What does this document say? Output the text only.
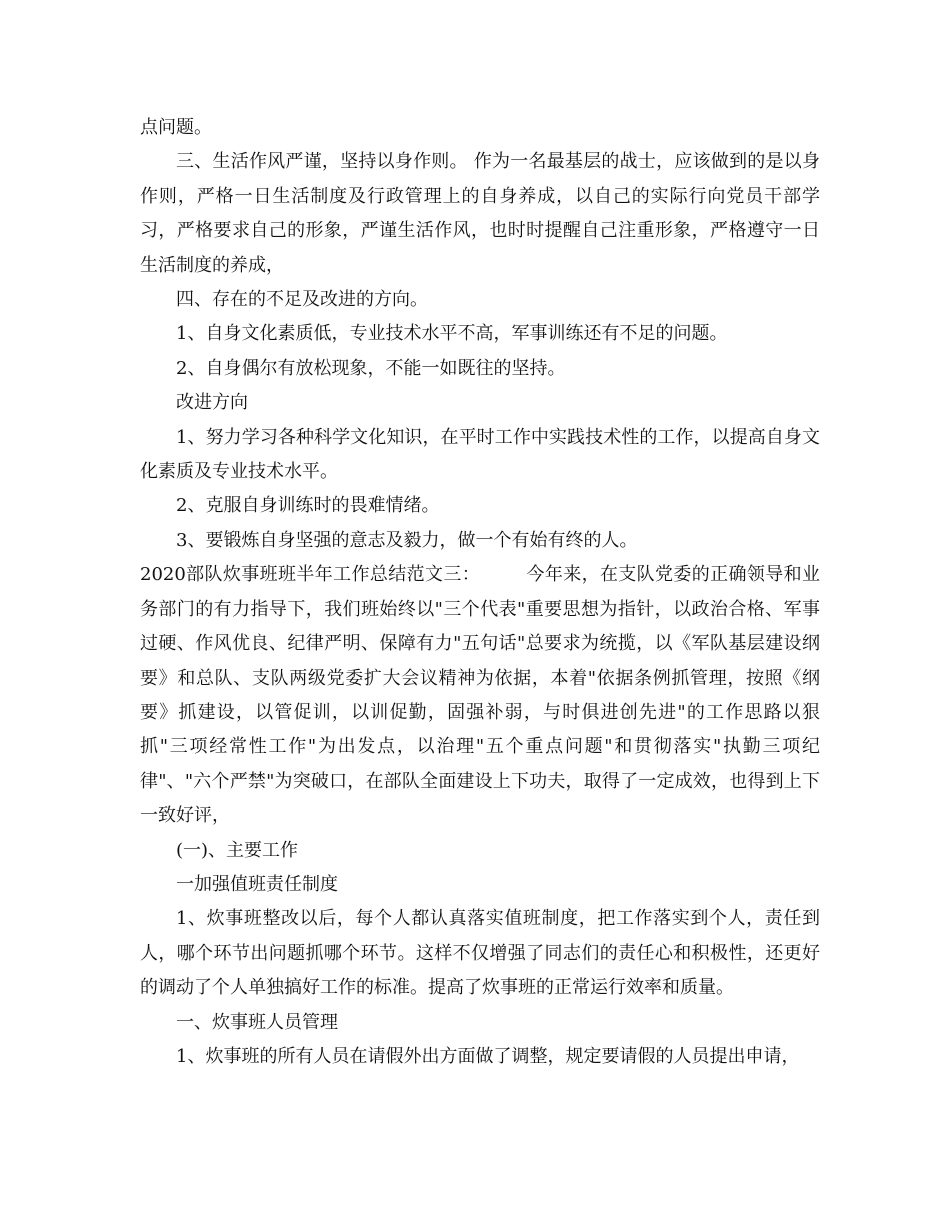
点问题。

三、生活作风严谨，坚持以身作则。 作为一名最基层的战士，应该做到的是以身作则，严格一日生活制度及行政管理上的自身养成，以自己的实际行向党员干部学习，严格要求自己的形象，严谨生活作风，也时时提醒自己注重形象，严格遵守一日生活制度的养成，

四、存在的不足及改进的方向。

1、自身文化素质低，专业技术水平不高，军事训练还有不足的问题。

2、自身偶尔有放松现象，不能一如既往的坚持。

改进方向

1、努力学习各种科学文化知识，在平时工作中实践技术性的工作，以提高自身文化素质及专业技术水平。

2、克服自身训练时的畏难情绪。

3、要锻炼自身坚强的意志及毅力，做一个有始有终的人。

2020部队炊事班班半年工作总结范文三：	今年来，在支队党委的正确领导和业务部门的有力指导下，我们班始终以"三个代表"重要思想为指针，以政治合格、军事过硬、作风优良、纪律严明、保障有力"五句话"总要求为统揽，以《军队基层建设纲要》和总队、支队两级党委扩大会议精神为依据，本着"依据条例抓管理，按照《纲要》抓建设，以管促训，以训促勤，固强补弱，与时俱进创先进"的工作思路以狠抓"三项经常性工作"为出发点，以治理"五个重点问题"和贯彻落实"执勤三项纪律"、"六个严禁"为突破口，在部队全面建设上下功夫，取得了一定成效，也得到上下一致好评，

(一)、主要工作

一加强值班责任制度

1、炊事班整改以后，每个人都认真落实值班制度，把工作落实到个人，责任到人，哪个环节出问题抓哪个环节。这样不仅增强了同志们的责任心和积极性，还更好的调动了个人单独搞好工作的标准。提高了炊事班的正常运行效率和质量。

一、炊事班人员管理

1、炊事班的所有人员在请假外出方面做了调整，规定要请假的人员提出申请，
